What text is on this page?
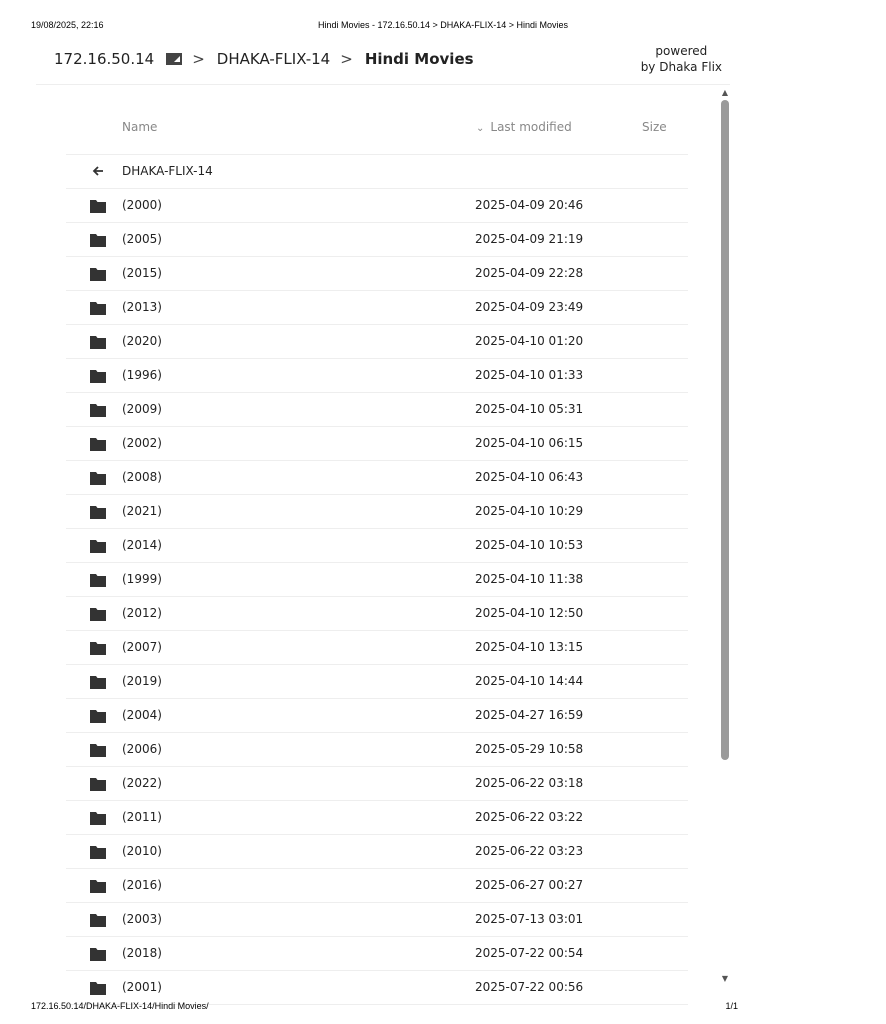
19/08/2025, 22:16	Hindi Movies - 172.16.50.14 > DHAKA-FLIX-14 > Hindi Movies
172.16.50.14	> DHAKA-FLIX-14 > Hindi Movies	powered
by Dhaka Flix
Name	⌄ Last modified	Size
DHAKA-FLIX-14
(2000)	2025-04-09 20:46
(2005)	2025-04-09 21:19
(2015)	2025-04-09 22:28
(2013)	2025-04-09 23:49
(2020)	2025-04-10 01:20
(1996)	2025-04-10 01:33
(2009)	2025-04-10 05:31
(2002)	2025-04-10 06:15
(2008)	2025-04-10 06:43
(2021)	2025-04-10 10:29
(2014)	2025-04-10 10:53
(1999)	2025-04-10 11:38
(2012)	2025-04-10 12:50
(2007)	2025-04-10 13:15
(2019)	2025-04-10 14:44
(2004)	2025-04-27 16:59
(2006)	2025-05-29 10:58
(2022)	2025-06-22 03:18
(2011)	2025-06-22 03:22
(2010)	2025-06-22 03:23
(2016)	2025-06-27 00:27
(2003)	2025-07-13 03:01
(2018)	2025-07-22 00:54
(2001)	2025-07-22 00:56
▲
▼
172.16.50.14/DHAKA-FLIX-14/Hindi Movies/	1/1
